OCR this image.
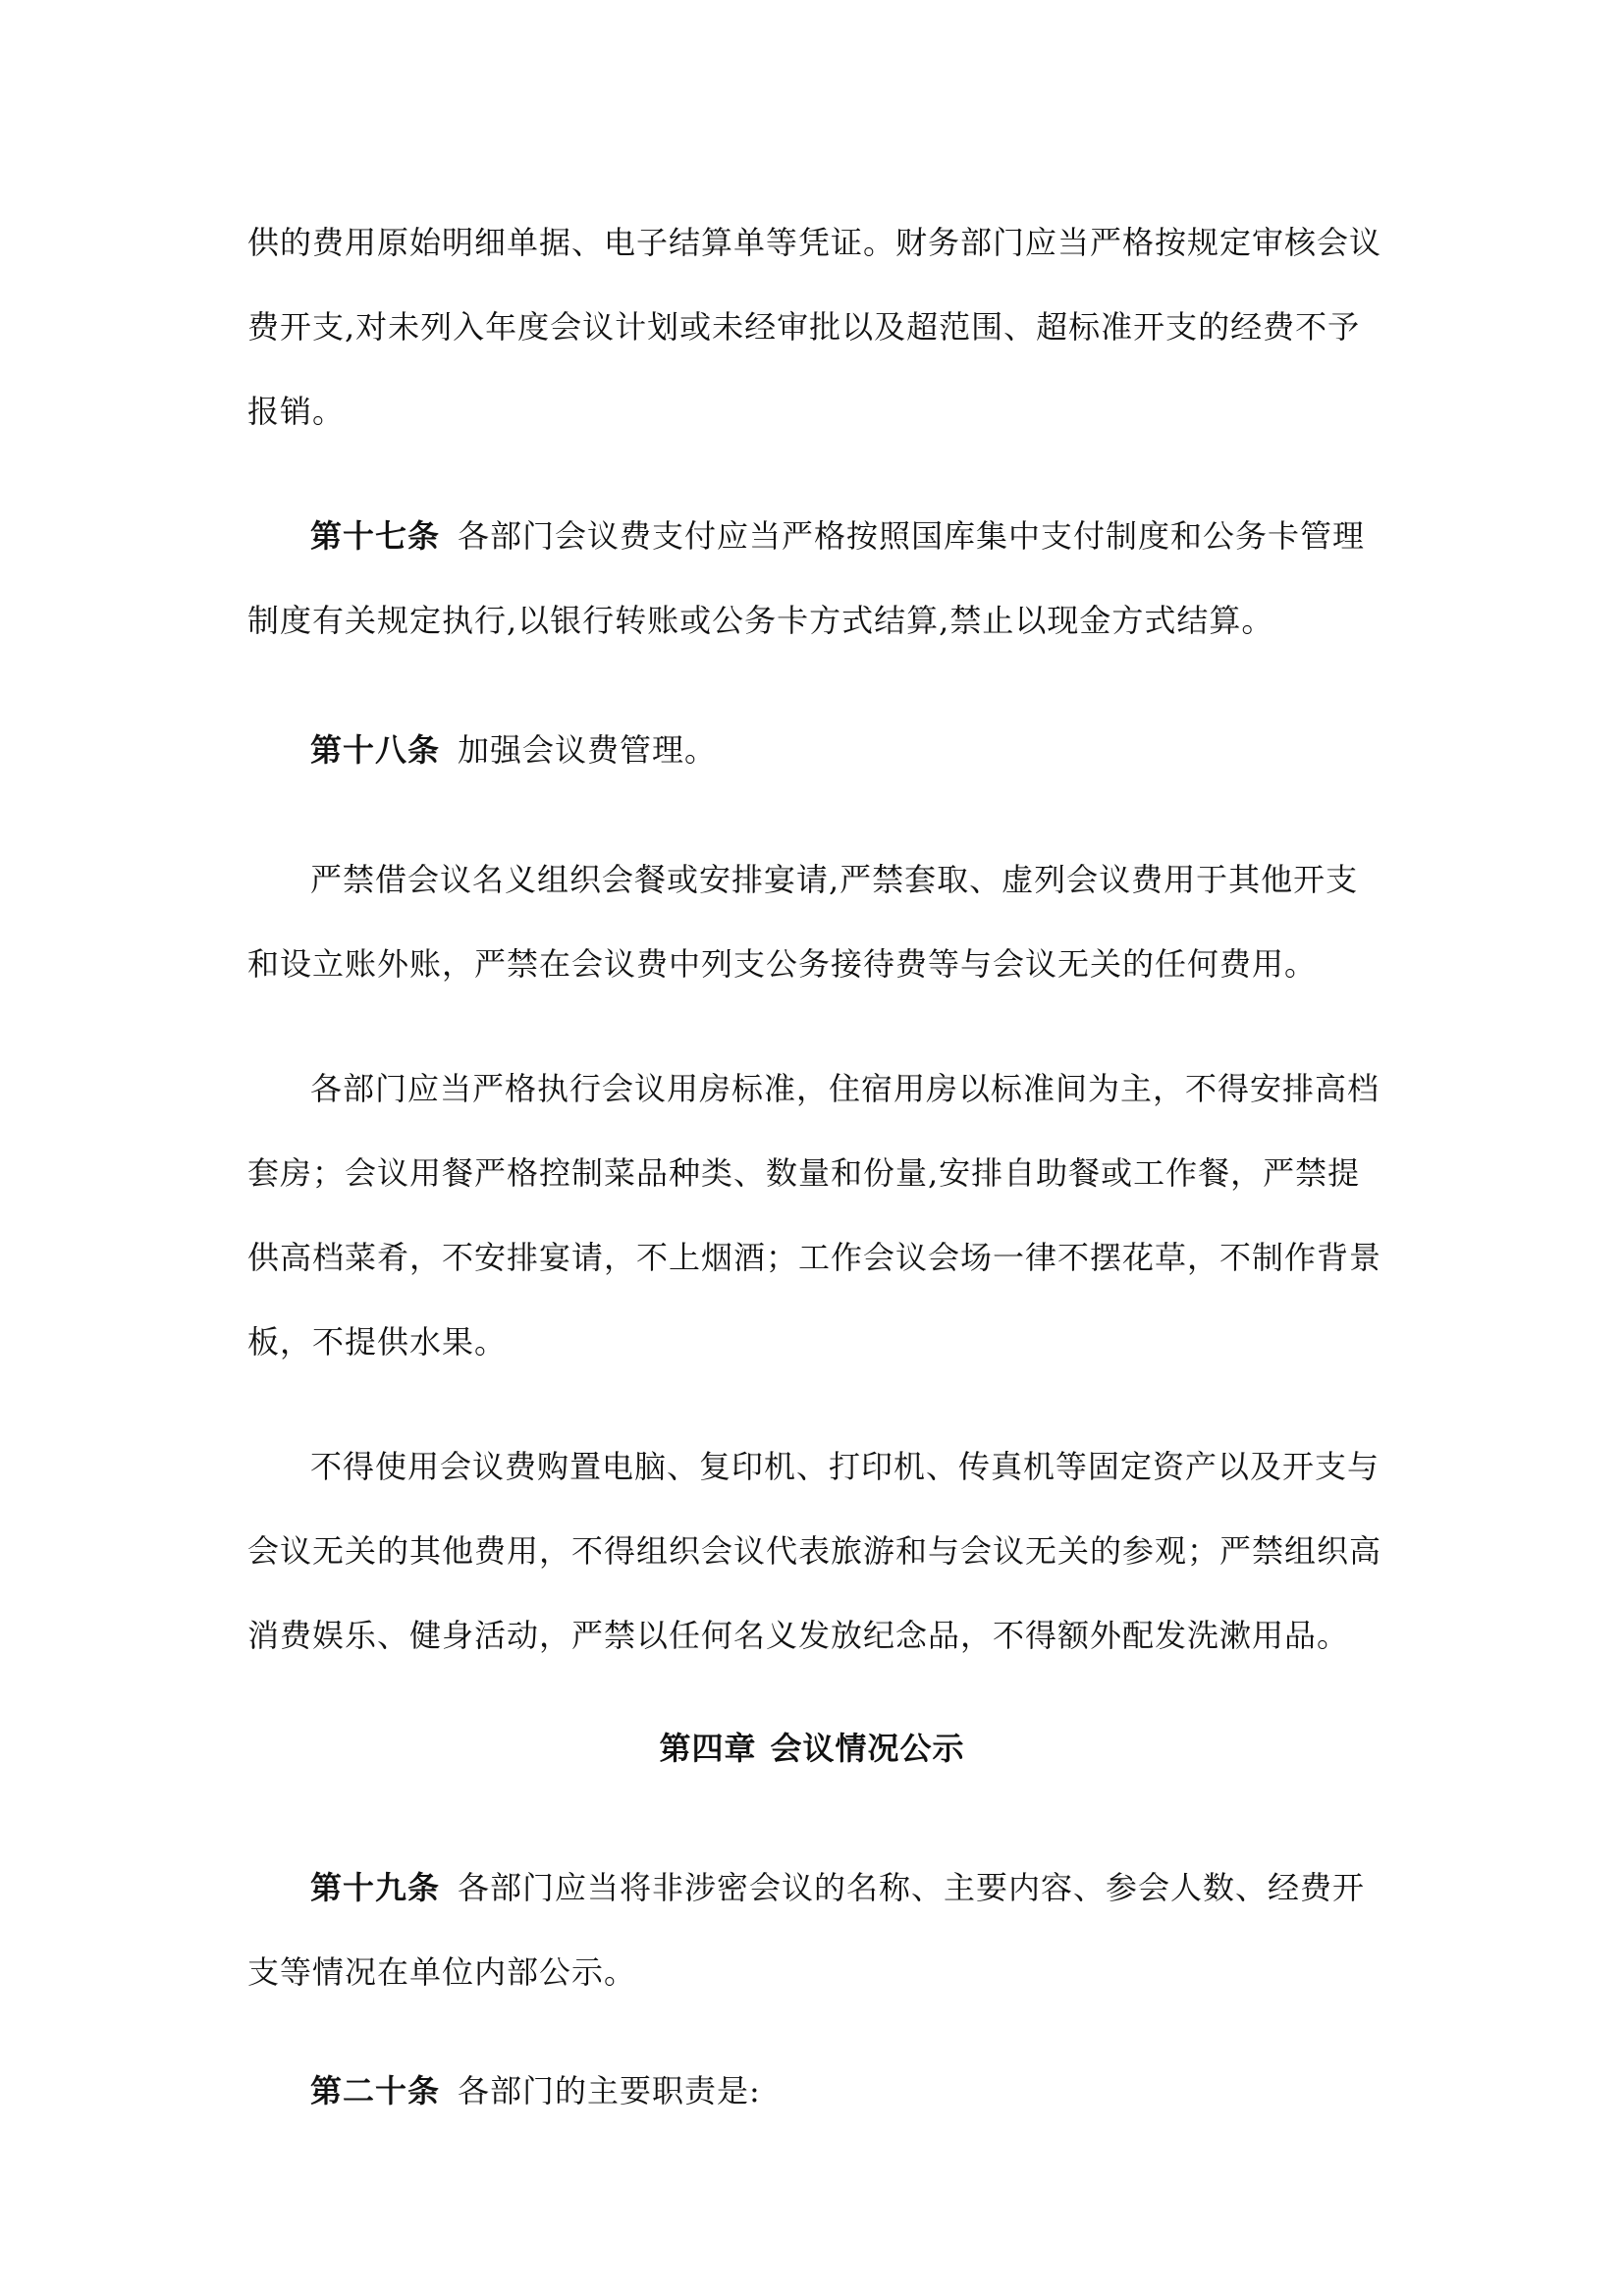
供的费用原始明细单据、电子结算单等凭证。财务部门应当严格按规定审核会议费开支,对未列入年度会议计划或未经审批以及超范围、超标准开支的经费不予报销。

第十七条 各部门会议费支付应当严格按照国库集中支付制度和公务卡管理制度有关规定执行,以银行转账或公务卡方式结算,禁止以现金方式结算。

第十八条 加强会议费管理。

严禁借会议名义组织会餐或安排宴请,严禁套取、虚列会议费用于其他开支和设立账外账，严禁在会议费中列支公务接待费等与会议无关的任何费用。

各部门应当严格执行会议用房标准，住宿用房以标准间为主，不得安排高档套房；会议用餐严格控制菜品种类、数量和份量,安排自助餐或工作餐，严禁提供高档菜肴，不安排宴请，不上烟酒；工作会议会场一律不摆花草，不制作背景板，不提供水果。

不得使用会议费购置电脑、复印机、打印机、传真机等固定资产以及开支与会议无关的其他费用，不得组织会议代表旅游和与会议无关的参观；严禁组织高消费娱乐、健身活动，严禁以任何名义发放纪念品，不得额外配发洗漱用品。

第四章 会议情况公示

第十九条 各部门应当将非涉密会议的名称、主要内容、参会人数、经费开支等情况在单位内部公示。

第二十条 各部门的主要职责是:
